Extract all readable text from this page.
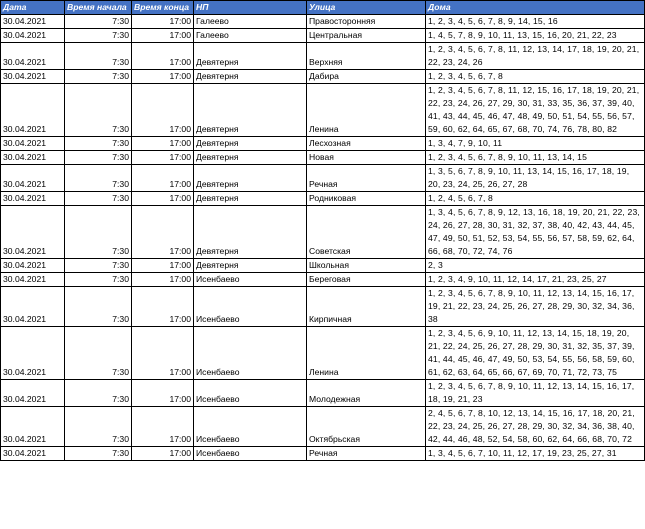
Дата	Время начала	Время конца	НП	Улица	Дома
30.04.2021	7:30	17:00	Галеево	Правосторонняя	1, 2, 3, 4, 5, 6, 7, 8, 9, 14, 15, 16
30.04.2021	7:30	17:00	Галеево	Центральная	1, 4, 5, 7, 8, 9, 10, 11, 13, 15, 16, 20, 21, 22, 23
30.04.2021	7:30	17:00	Девятерня	Верхняя	1, 2, 3, 4, 5, 6, 7, 8, 11, 12, 13, 14, 17, 18, 19, 20, 21, 22, 23, 24, 26
30.04.2021	7:30	17:00	Девятерня	Дабира	1, 2, 3, 4, 5, 6, 7, 8
30.04.2021	7:30	17:00	Девятерня	Ленина	1, 2, 3, 4, 5, 6, 7, 8, 11, 12, 15, 16, 17, 18, 19, 20, 21, 22, 23, 24, 26, 27, 29, 30, 31, 33, 35, 36, 37, 39, 40, 41, 43, 44, 45, 46, 47, 48, 49, 50, 51, 54, 55, 56, 57, 59, 60, 62, 64, 65, 67, 68, 70, 74, 76, 78, 80, 82
30.04.2021	7:30	17:00	Девятерня	Лесхозная	1, 3, 4, 7, 9, 10, 11
30.04.2021	7:30	17:00	Девятерня	Новая	1, 2, 3, 4, 5, 6, 7, 8, 9, 10, 11, 13, 14, 15
30.04.2021	7:30	17:00	Девятерня	Речная	1, 3, 5, 6, 7, 8, 9, 10, 11, 13, 14, 15, 16, 17, 18, 19, 20, 23, 24, 25, 26, 27, 28
30.04.2021	7:30	17:00	Девятерня	Родниковая	1, 2, 4, 5, 6, 7, 8
30.04.2021	7:30	17:00	Девятерня	Советская	1, 3, 4, 5, 6, 7, 8, 9, 12, 13, 16, 18, 19, 20, 21, 22, 23, 24, 26, 27, 28, 30, 31, 32, 37, 38, 40, 42, 43, 44, 45, 47, 49, 50, 51, 52, 53, 54, 55, 56, 57, 58, 59, 62, 64, 66, 68, 70, 72, 74, 76
30.04.2021	7:30	17:00	Девятерня	Школьная	2, 3
30.04.2021	7:30	17:00	Исенбаево	Береговая	1, 2, 3, 4, 9, 10, 11, 12, 14, 17, 21, 23, 25, 27
30.04.2021	7:30	17:00	Исенбаево	Кирпичная	1, 2, 3, 4, 5, 6, 7, 8, 9, 10, 11, 12, 13, 14, 15, 16, 17, 19, 21, 22, 23, 24, 25, 26, 27, 28, 29, 30, 32, 34, 36, 38
30.04.2021	7:30	17:00	Исенбаево	Ленина	1, 2, 3, 4, 5, 6, 9, 10, 11, 12, 13, 14, 15, 18, 19, 20, 21, 22, 24, 25, 26, 27, 28, 29, 30, 31, 32, 35, 37, 39, 41, 44, 45, 46, 47, 49, 50, 53, 54, 55, 56, 58, 59, 60, 61, 62, 63, 64, 65, 66, 67, 69, 70, 71, 72, 73, 75
30.04.2021	7:30	17:00	Исенбаево	Молодежная	1, 2, 3, 4, 5, 6, 7, 8, 9, 10, 11, 12, 13, 14, 15, 16, 17, 18, 19, 21, 23
30.04.2021	7:30	17:00	Исенбаево	Октябрьская	2, 4, 5, 6, 7, 8, 10, 12, 13, 14, 15, 16, 17, 18, 20, 21, 22, 23, 24, 25, 26, 27, 28, 29, 30, 32, 34, 36, 38, 40, 42, 44, 46, 48, 52, 54, 58, 60, 62, 64, 66, 68, 70, 72
30.04.2021	7:30	17:00	Исенбаево	Речная	1, 3, 4, 5, 6, 7, 10, 11, 12, 17, 19, 23, 25, 27, 31
